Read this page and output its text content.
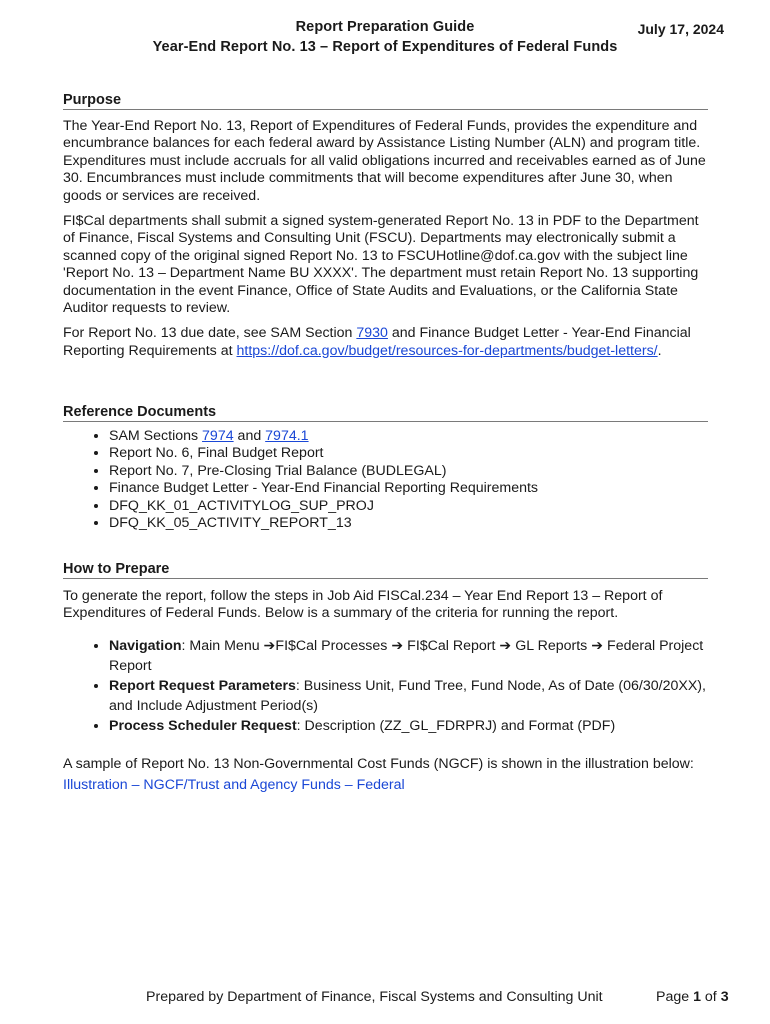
Report Preparation Guide
Year-End Report No. 13 – Report of Expenditures of Federal Funds
July 17, 2024
Purpose

The Year-End Report No. 13, Report of Expenditures of Federal Funds, provides the expenditure and encumbrance balances for each federal award by Assistance Listing Number (ALN) and program title. Expenditures must include accruals for all valid obligations incurred and receivables earned as of June 30. Encumbrances must include commitments that will become expenditures after June 30, when goods or services are received.

FI$Cal departments shall submit a signed system-generated Report No. 13 in PDF to the Department of Finance, Fiscal Systems and Consulting Unit (FSCU). Departments may electronically submit a scanned copy of the original signed Report No. 13 to FSCUHotline@dof.ca.gov with the subject line 'Report No. 13 – Department Name BU XXXX'. The department must retain Report No. 13 supporting documentation in the event Finance, Office of State Audits and Evaluations, or the California State Auditor requests to review.

For Report No. 13 due date, see SAM Section 7930 and Finance Budget Letter - Year-End Financial Reporting Requirements at https://dof.ca.gov/budget/resources-for-departments/budget-letters/.

Reference Documents
• SAM Sections 7974 and 7974.1
• Report No. 6, Final Budget Report
• Report No. 7, Pre-Closing Trial Balance (BUDLEGAL)
• Finance Budget Letter - Year-End Financial Reporting Requirements
• DFQ_KK_01_ACTIVITYLOG_SUP_PROJ
• DFQ_KK_05_ACTIVITY_REPORT_13
How to Prepare

To generate the report, follow the steps in Job Aid FISCal.234 – Year End Report 13 – Report of Expenditures of Federal Funds. Below is a summary of the criteria for running the report.

• Navigation: Main Menu ➔FI$Cal Processes ➔ FI$Cal Report ➔ GL Reports ➔ Federal Project Report
• Report Request Parameters: Business Unit, Fund Tree, Fund Node, As of Date (06/30/20XX), and Include Adjustment Period(s)
• Process Scheduler Request: Description (ZZ_GL_FDRPRJ) and Format (PDF)

A sample of Report No. 13 Non-Governmental Cost Funds (NGCF) is shown in the illustration below:

Illustration – NGCF/Trust and Agency Funds – Federal
Prepared by Department of Finance, Fiscal Systems and Consulting Unit	Page 1 of 3
